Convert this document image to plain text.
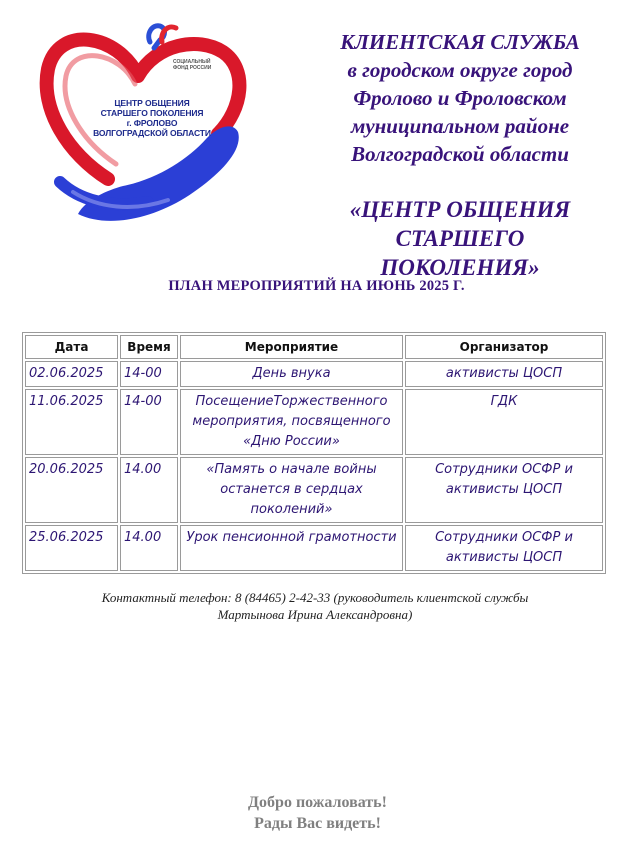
СОЦИАЛЬНЫЙ
ФОНД РОССИИ
ЦЕНТР ОБЩЕНИЯ
СТАРШЕГО ПОКОЛЕНИЯ
г. ФРОЛОВО
ВОЛГОГРАДСКОЙ ОБЛАСТИ
КЛИЕНТСКАЯ СЛУЖБА
в городском округе город
Фролово и Фроловском
муниципальном районе
Волгоградской области
«ЦЕНТР ОБЩЕНИЯ
СТАРШЕГО
ПОКОЛЕНИЯ»
ПЛАН МЕРОПРИЯТИЙ НА ИЮНЬ 2025 Г.
Дата	Время	Мероприятие	Организатор
02.06.2025	14-00	День внука	активисты ЦОСП
11.06.2025	14-00	ПосещениеТоржественного мероприятия, посвященного «Дню России»	ГДК
20.06.2025	14.00	«Память о начале войны останется в сердцах поколений»	Сотрудники ОСФР и активисты ЦОСП
25.06.2025	14.00	Урок пенсионной грамотности	Сотрудники ОСФР и активисты ЦОСП
Контактный телефон: 8 (84465) 2-42-33 (руководитель клиентской службы
Мартынова Ирина Александровна)
Добро пожаловать!
Рады Вас видеть!
